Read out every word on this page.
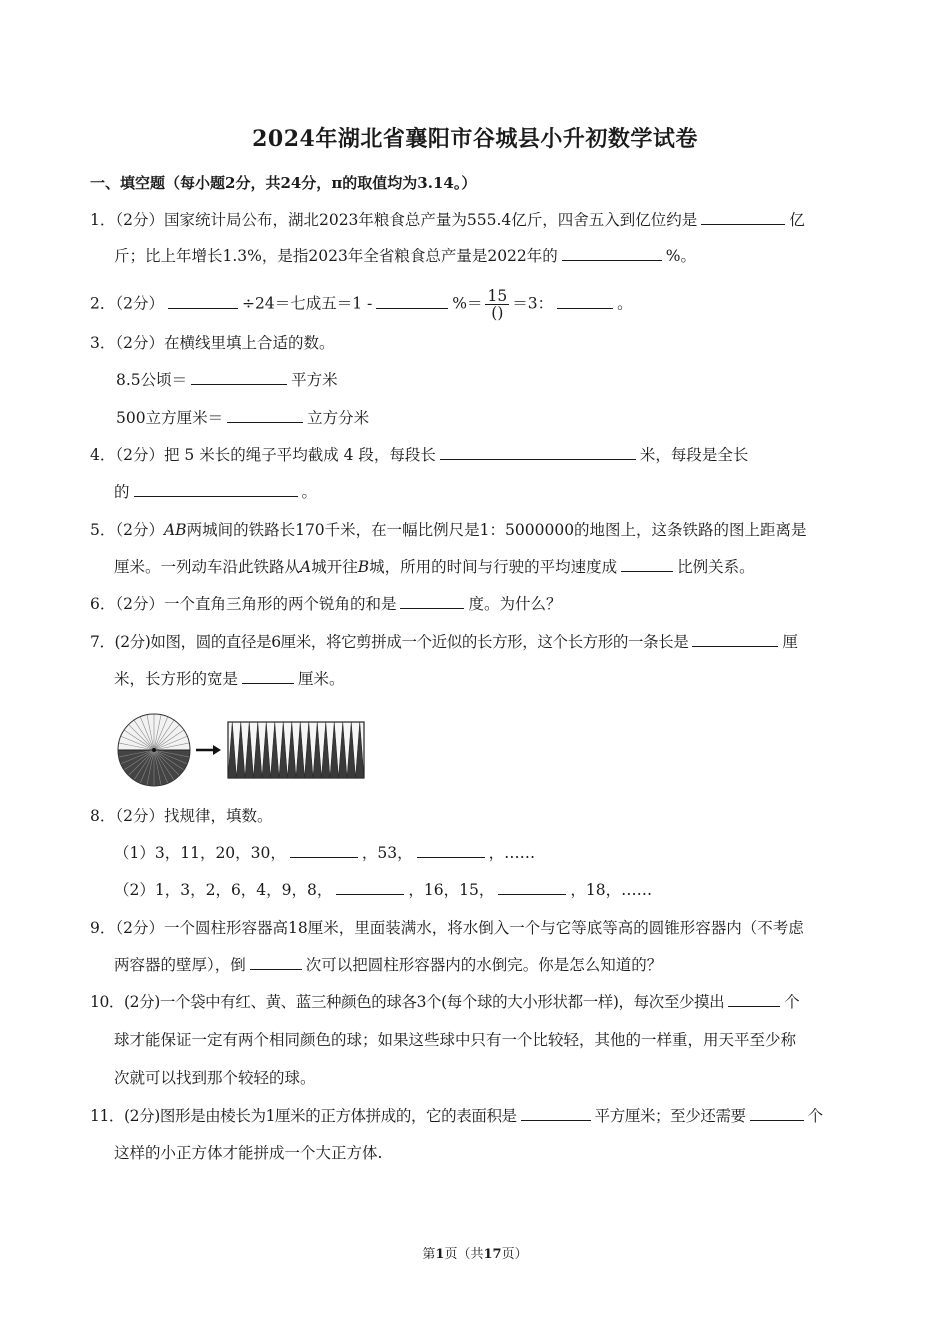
2024年湖北省襄阳市谷城县小升初数学试卷
一、填空题（每小题2分，共24分，π的取值均为3.14。）
1．（2分）国家统计局公布，湖北2023年粮食总产量为555.4亿斤，四舍五入到亿位约是	亿
斤；比上年增长1.3%，是指2023年全省粮食总产量是2022年的	%。
2．（2分）	÷24＝七成五＝1 -	%＝ $\frac{15}{()} =3$：	。
3．（2分）在横线里填上合适的数。
8.5公顷＝	平方米
500立方厘米＝	立方分米
4．（2分）把 5 米长的绳子平均截成 4 段，每段长	米，每段是全长
的	。
5．（2分）AB两城间的铁路长170千米，在一幅比例尺是1：5000000的地图上，这条铁路的图上距离是
厘米。一列动车沿此铁路从A城开往B城，所用的时间与行驶的平均速度成	比例关系。
6．（2分）一个直角三角形的两个锐角的和是	度。为什么？
7．(2分)如图，圆的直径是6厘米，将它剪拼成一个近似的长方形，这个长方形的一条长是	厘
米，长方形的宽是	厘米。
8．（2分）找规律，填数。
（1）3，11，20，30，	，53，	，……
（2）1，3，2，6，4，9，8，	，16，15，	，18，……
9．（2分）一个圆柱形容器高18厘米，里面装满水，将水倒入一个与它等底等高的圆锥形容器内（不考虑
两容器的壁厚），倒	次可以把圆柱形容器内的水倒完。你是怎么知道的？
10．(2分)一个袋中有红、黄、蓝三种颜色的球各3个(每个球的大小形状都一样)，每次至少摸出	个
球才能保证一定有两个相同颜色的球；如果这些球中只有一个比较轻，其他的一样重，用天平至少称
次就可以找到那个较轻的球。
11．(2分)图形是由棱长为1厘米的正方体拼成的，它的表面积是	平方厘米；至少还需要	个
这样的小正方体才能拼成一个大正方体.
第1页（共17页）
